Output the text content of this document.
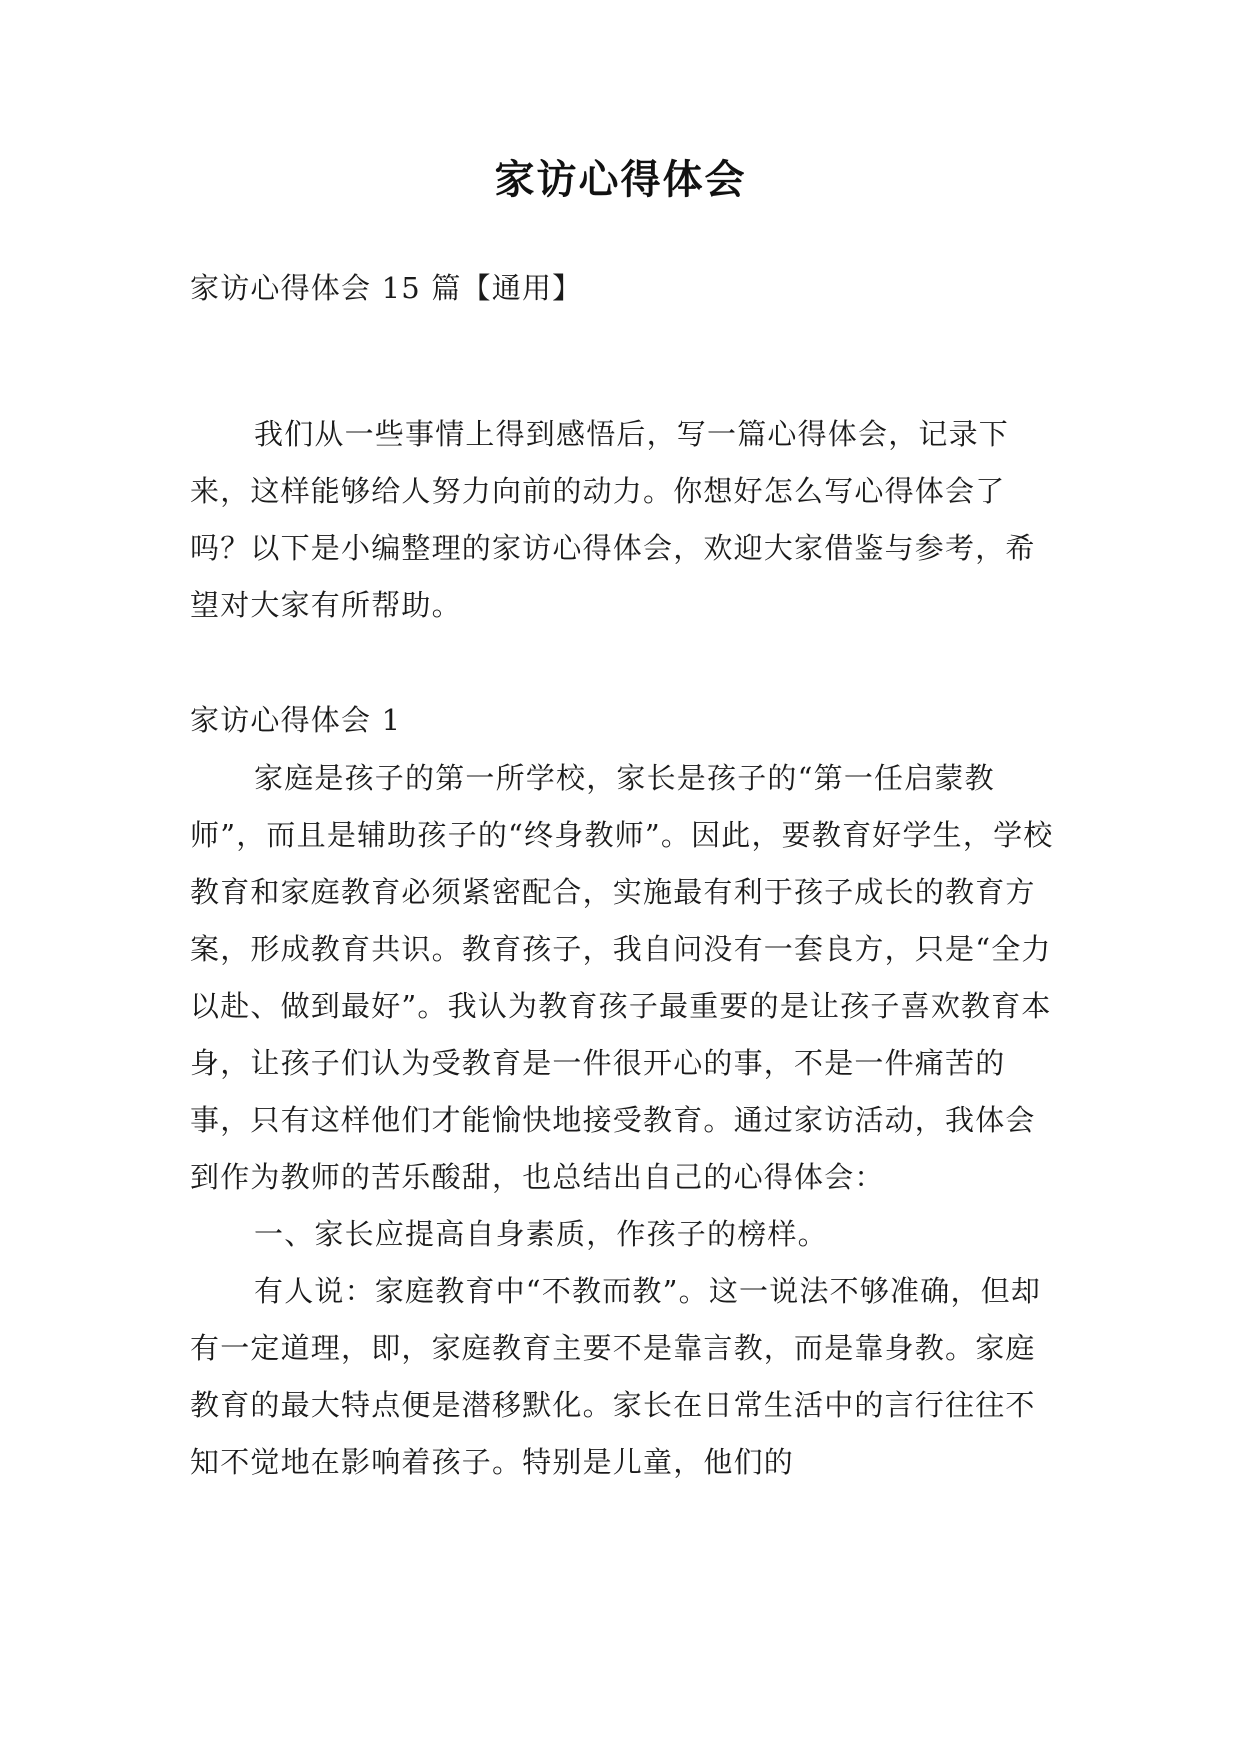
家访心得体会
家访心得体会 15 篇【通用】

我们从一些事情上得到感悟后，写一篇心得体会，记录下来，这样能够给人努力向前的动力。你想好怎么写心得体会了吗？以下是小编整理的家访心得体会，欢迎大家借鉴与参考，希望对大家有所帮助。

家访心得体会 1

家庭是孩子的第一所学校，家长是孩子的“第一任启蒙教师”，而且是辅助孩子的“终身教师”。因此，要教育好学生，学校教育和家庭教育必须紧密配合，实施最有利于孩子成长的教育方案，形成教育共识。教育孩子，我自问没有一套良方，只是“全力以赴、做到最好”。我认为教育孩子最重要的是让孩子喜欢教育本身，让孩子们认为受教育是一件很开心的事，不是一件痛苦的事，只有这样他们才能愉快地接受教育。通过家访活动，我体会到作为教师的苦乐酸甜，也总结出自己的心得体会：

一、家长应提高自身素质，作孩子的榜样。

有人说：家庭教育中“不教而教”。这一说法不够准确，但却有一定道理，即，家庭教育主要不是靠言教，而是靠身教。家庭教育的最大特点便是潜移默化。家长在日常生活中的言行往往不知不觉地在影响着孩子。特别是儿童，他们的
